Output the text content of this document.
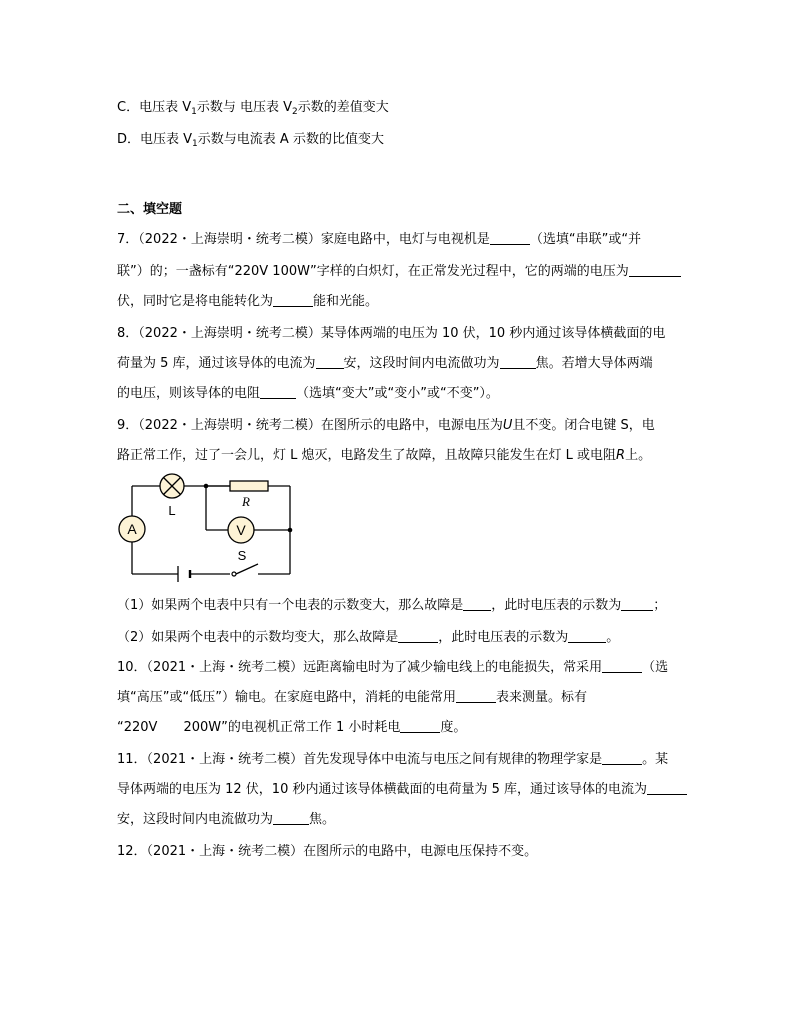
C．电压表 $V_1$示数与 电压表 $V_2$示数的差值变大
D．电压表 $V_1$示数与电流表 A 示数的比值变大
二、填空题
7．（2022・上海崇明・统考二模）家庭电路中，电灯与电视机是	（选填“串联”或“并
联”）的；一盏标有“220V 100W”字样的白炽灯，在正常发光过程中，它的两端的电压为
伏，同时它是将电能转化为	能和光能。
8．（2022・上海崇明・统考二模）某导体两端的电压为 10 伏，10 秒内通过该导体横截面的电
荷量为 5 库，通过该导体的电流为 安，这段时间内电流做功为	焦。若增大导体两端
的电压，则该导体的电阻	（选填“变大”或“变小”或“不变”）。
9．（2022・上海崇明・统考二模）在图所示的电路中，电源电压为U且不变。闭合电键 S，电
路正常工作，过了一会儿，灯 L 熄灭，电路发生了故障，且故障只能发生在灯 L 或电阻R上。
A
L
R
V
S
（1）如果两个电表中只有一个电表的示数变大，那么故障是 ，此时电压表的示数为 ；
（2）如果两个电表中的示数均变大，那么故障是	，此时电压表的示数为	。
10．（2021・上海・统考二模）远距离输电时为了减少输电线上的电能损失，常采用	（选
填“高压”或“低压”）输电。在家庭电路中，消耗的电能常用	表来测量。标有
“220V　　200W”的电视机正常工作 1 小时耗电	度。
11．（2021・上海・统考二模）首先发现导体中电流与电压之间有规律的物理学家是	。某
导体两端的电压为 12 伏，10 秒内通过该导体横截面的电荷量为 5 库，通过该导体的电流为
安，这段时间内电流做功为	焦。
12．（2021・上海・统考二模）在图所示的电路中，电源电压保持不变。
